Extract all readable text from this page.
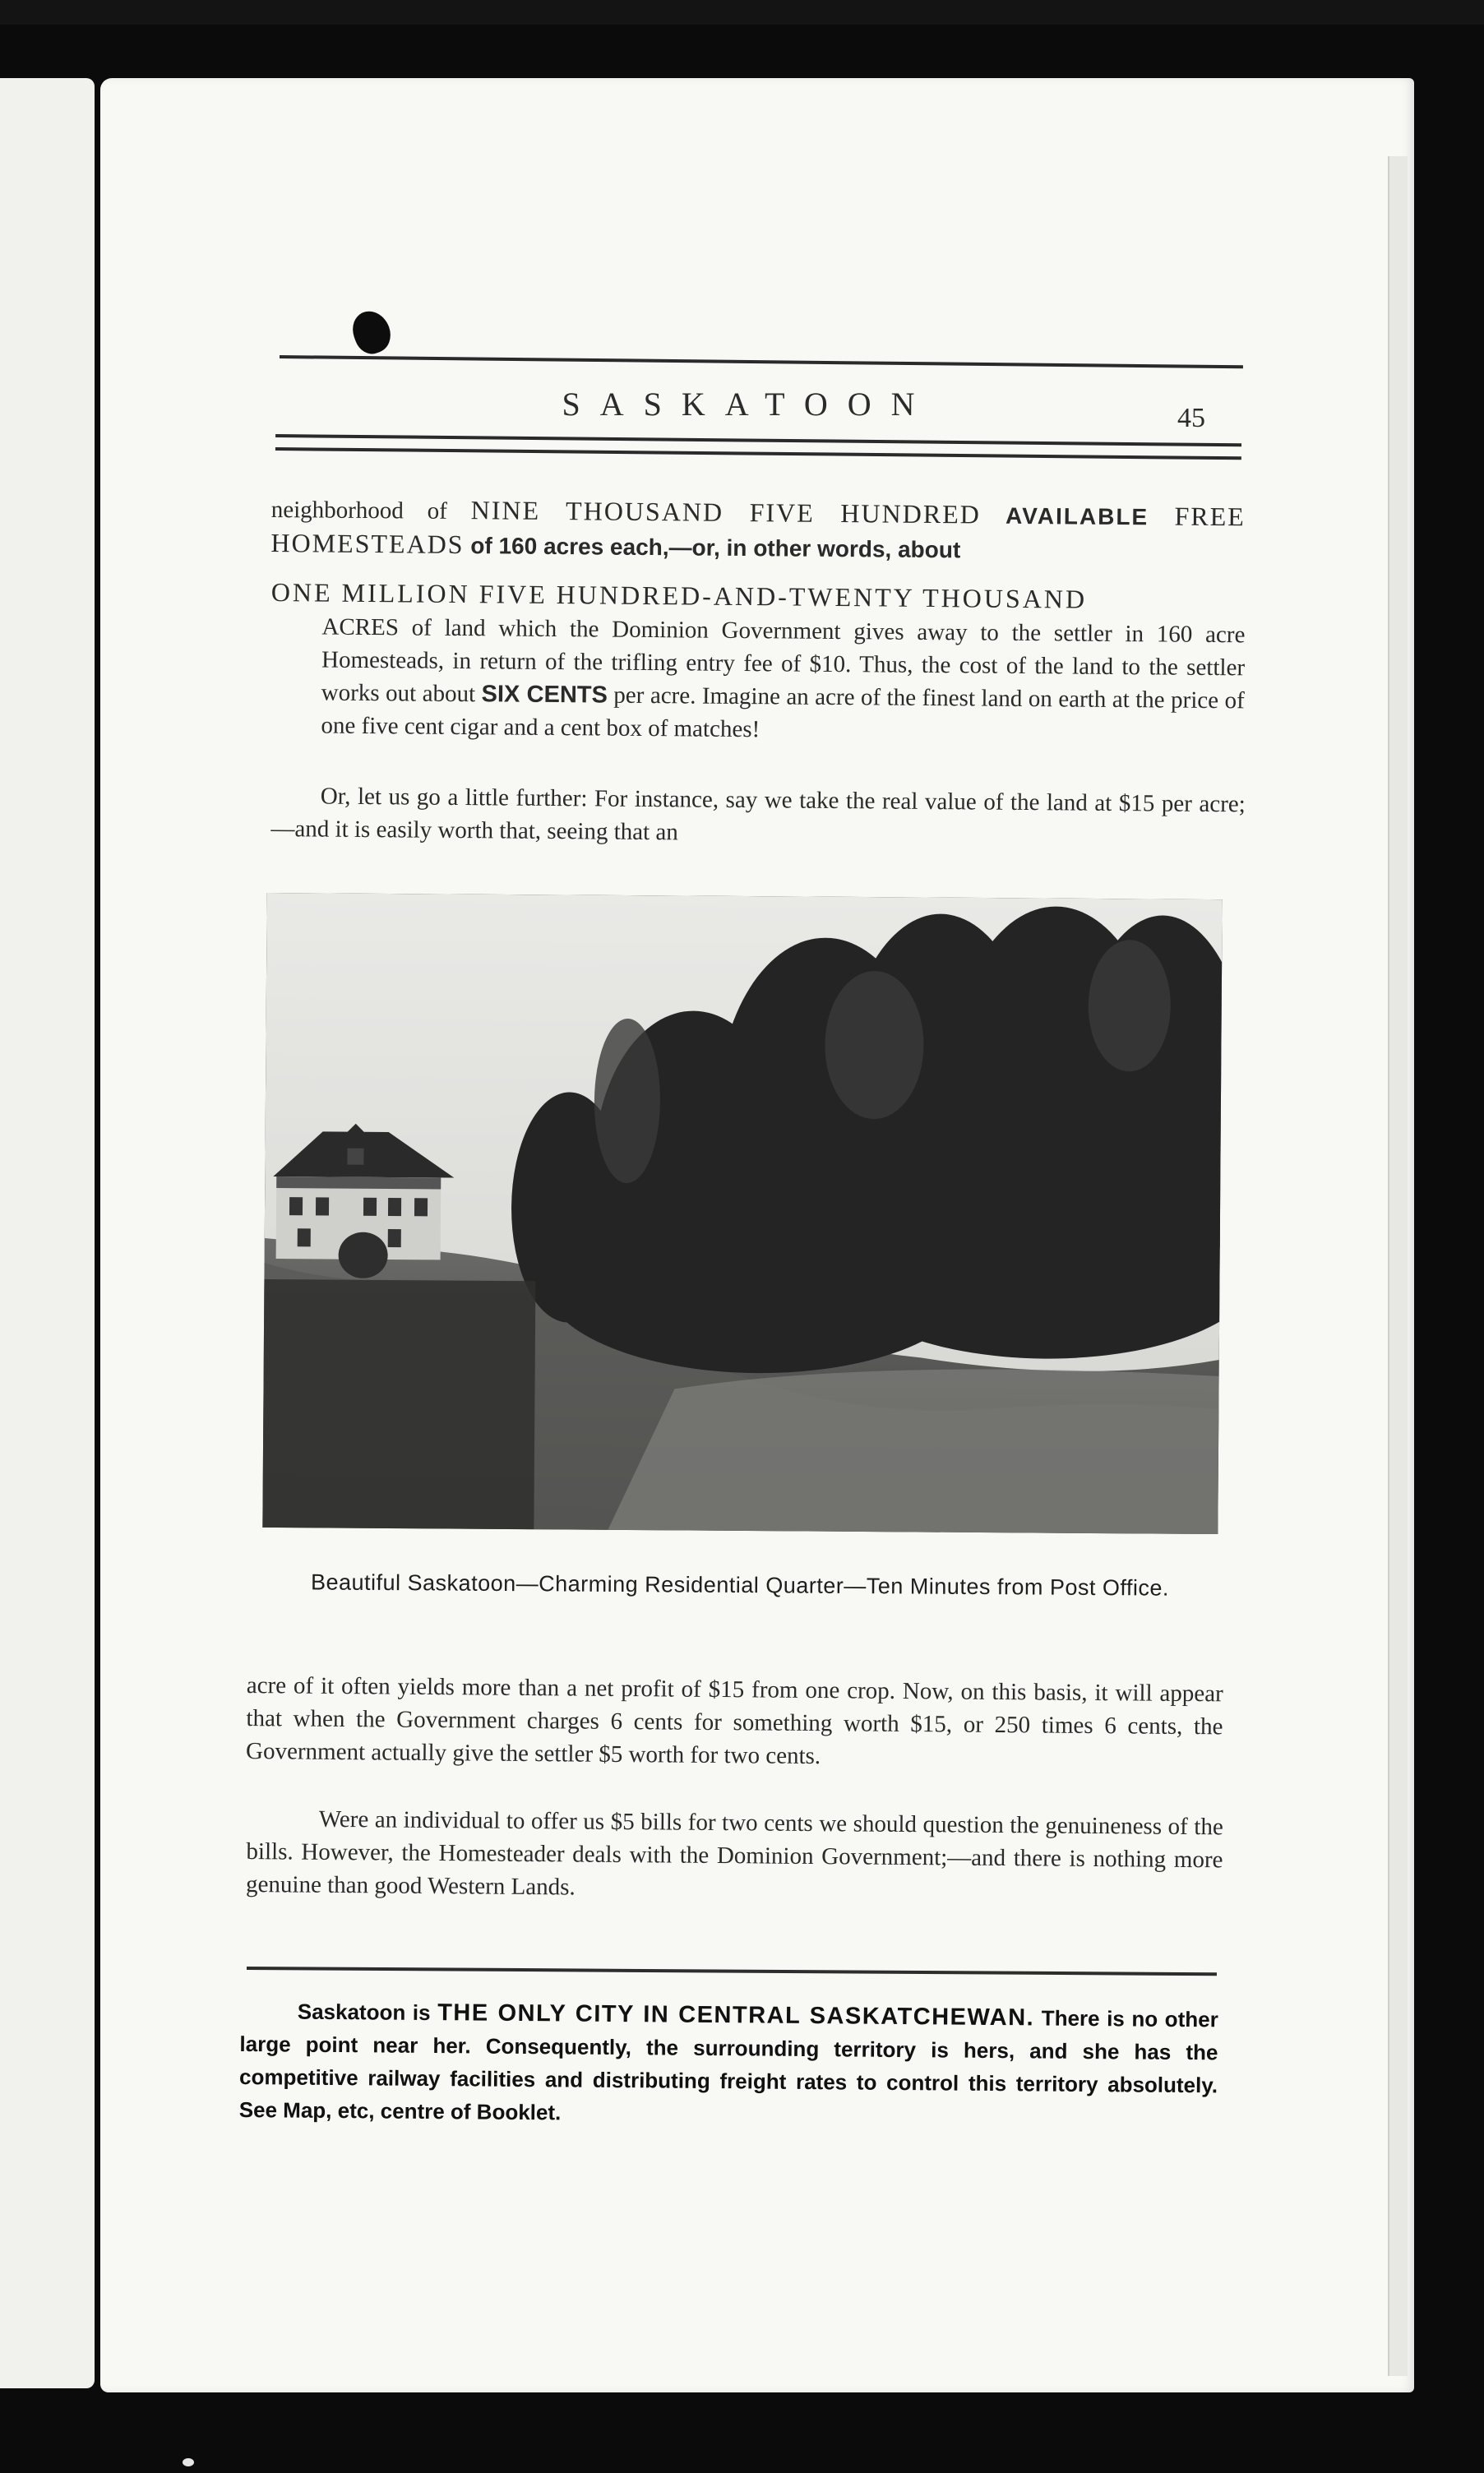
SASKATOON	45
neighborhood of NINE THOUSAND FIVE HUNDRED AVAILABLE FREE HOMESTEADS of 160 acres each,—or, in other words, about
ONE MILLION FIVE HUNDRED-AND-TWENTY THOUSAND
ACRES of land which the Dominion Government gives away to the settler in 160 acre Homesteads, in return of the trifling entry fee of $10. Thus, the cost of the land to the settler works out about SIX CENTS per acre. Imagine an acre of the finest land on earth at the price of one five cent cigar and a cent box of matches!
Or, let us go a little further: For instance, say we take the real value of the land at $15 per acre;—and it is easily worth that, seeing that an
Beautiful Saskatoon—Charming Residential Quarter—Ten Minutes from Post Office.
acre of it often yields more than a net profit of $15 from one crop. Now, on this basis, it will appear that when the Government charges 6 cents for something worth $15, or 250 times 6 cents, the Government actually give the settler $5 worth for two cents.
Were an individual to offer us $5 bills for two cents we should question the genuineness of the bills. However, the Homesteader deals with the Dominion Government;—and there is nothing more genuine than good Western Lands.
Saskatoon is THE ONLY CITY IN CENTRAL SASKATCHEWAN. There is no other large point near her. Consequently, the surrounding territory is hers, and she has the competitive railway facilities and distributing freight rates to control this territory absolutely. See Map, etc, centre of Booklet.
